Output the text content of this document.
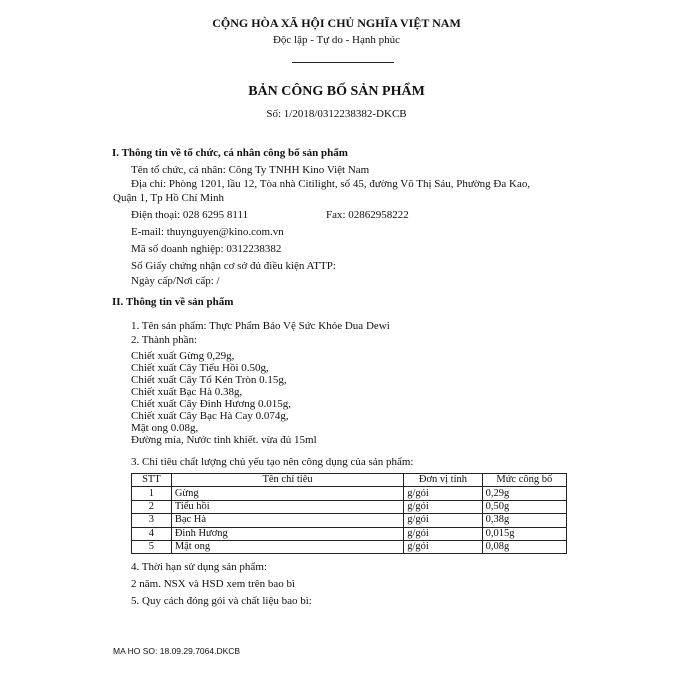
CỘNG HÒA XÃ HỘI CHỦ NGHĨA VIỆT NAM
Độc lập - Tự do - Hạnh phúc
BẢN CÔNG BỐ SẢN PHẨM
Số: 1/2018/0312238382-DKCB
I. Thông tin về tổ chức, cá nhân công bố sản phẩm
Tên tổ chức, cá nhân: Công Ty TNHH Kino Việt Nam
Địa chỉ: Phòng 1201, lầu 12, Tòa nhà Citilight, số 45, đường Võ Thị Sáu, Phường Đa Kao,
Quận 1, Tp Hồ Chí Minh
Điện thoại: 028 6295 8111	Fax: 02862958222
E-mail: thuynguyen@kino.com.vn
Mã số doanh nghiệp: 0312238382
Số Giấy chứng nhận cơ sở đủ điều kiện ATTP:
Ngày cấp/Nơi cấp: /
II. Thông tin về sản phẩm
1. Tên sản phẩm: Thực Phẩm Bảo Vệ Sức Khỏe Dua Dewi
2. Thành phần:
Chiết xuất Gừng 0,29g,
Chiết xuất Cây Tiểu Hồi 0.50g,
Chiết xuất Cây Tổ Kén Tròn 0.15g,
Chiết xuất Bạc Hà 0.38g,
Chiết xuất Cây Đinh Hương 0.015g,
Chiết xuất Cây Bạc Hà Cay 0.074g,
Mật ong 0.08g,
Đường mía, Nước tinh khiết. vừa đủ 15ml
3. Chỉ tiêu chất lượng chủ yếu tạo nên công dụng của sản phẩm:
STT	Tên chỉ tiêu	Đơn vị tính	Mức công bố
1	Gừng	g/gói	0,29g
2	Tiểu hồi	g/gói	0,50g
3	Bạc Hà	g/gói	0,38g
4	Đinh Hương	g/gói	0,015g
5	Mật ong	g/gói	0,08g
4. Thời hạn sử dụng sản phẩm:
2 năm. NSX và HSD xem trên bao bì
5. Quy cách đóng gói và chất liệu bao bì:
MA HO SO: 18.09.29.7064.DKCB
